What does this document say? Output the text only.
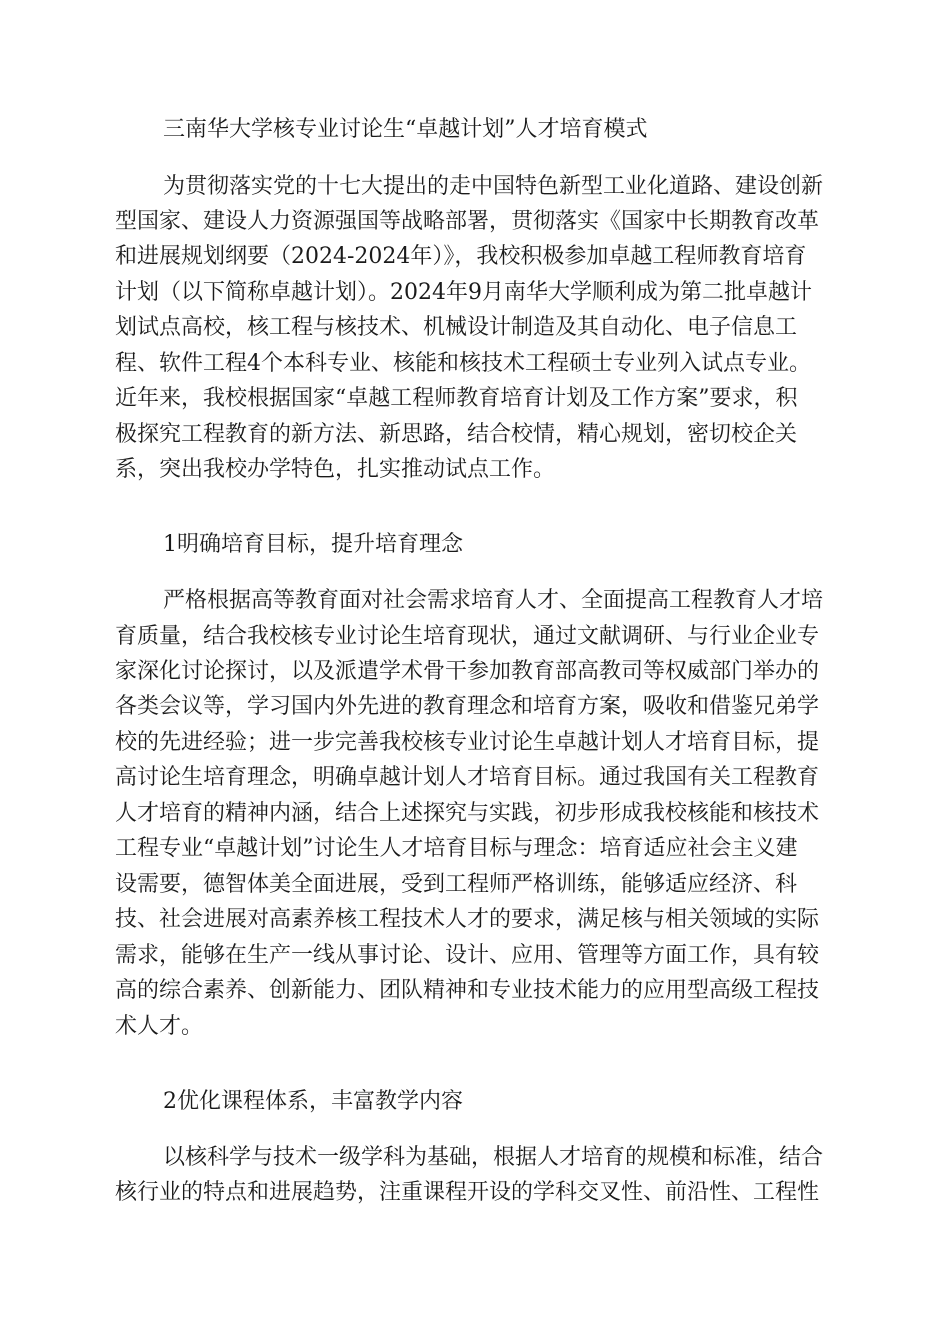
三南华大学核专业讨论生“卓越计划”人才培育模式
为贯彻落实党的十七大提出的走中国特色新型工业化道路、建设创新
型国家、建设人力资源强国等战略部署，贯彻落实《国家中长期教育改革
和进展规划纲要（2024-2024年）》，我校积极参加卓越工程师教育培育
计划（以下简称卓越计划）。2024年9月南华大学顺利成为第二批卓越计
划试点高校，核工程与核技术、机械设计制造及其自动化、电子信息工
程、软件工程4个本科专业、核能和核技术工程硕士专业列入试点专业。
近年来，我校根据国家“卓越工程师教育培育计划及工作方案”要求，积
极探究工程教育的新方法、新思路，结合校情，精心规划，密切校企关
系，突出我校办学特色，扎实推动试点工作。
1明确培育目标，提升培育理念
严格根据高等教育面对社会需求培育人才、全面提高工程教育人才培
育质量，结合我校核专业讨论生培育现状，通过文献调研、与行业企业专
家深化讨论探讨，以及派遣学术骨干参加教育部高教司等权威部门举办的
各类会议等，学习国内外先进的教育理念和培育方案，吸收和借鉴兄弟学
校的先进经验；进一步完善我校核专业讨论生卓越计划人才培育目标，提
高讨论生培育理念，明确卓越计划人才培育目标。通过我国有关工程教育
人才培育的精神内涵，结合上述探究与实践，初步形成我校核能和核技术
工程专业“卓越计划”讨论生人才培育目标与理念：培育适应社会主义建
设需要，德智体美全面进展，受到工程师严格训练，能够适应经济、科
技、社会进展对高素养核工程技术人才的要求，满足核与相关领域的实际
需求，能够在生产一线从事讨论、设计、应用、管理等方面工作，具有较
高的综合素养、创新能力、团队精神和专业技术能力的应用型高级工程技
术人才。
2优化课程体系，丰富教学内容
以核科学与技术一级学科为基础，根据人才培育的规模和标准，结合
核行业的特点和进展趋势，注重课程开设的学科交叉性、前沿性、工程性
